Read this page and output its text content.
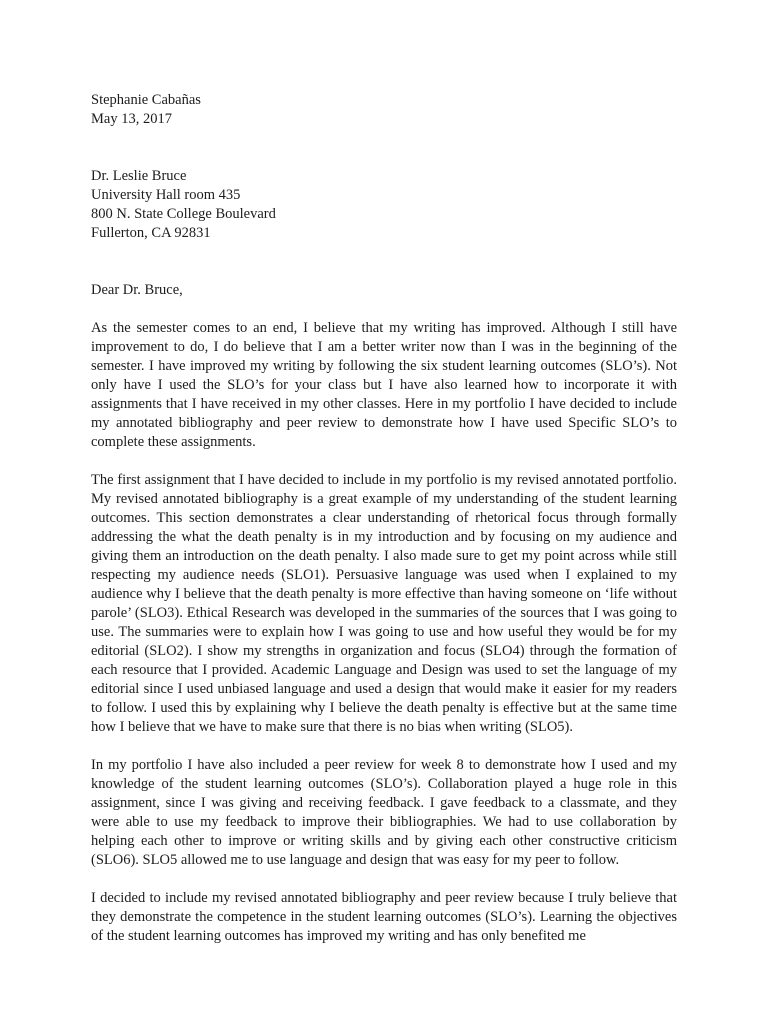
Stephanie Cabañas
May 13, 2017
Dr. Leslie Bruce
University Hall room 435
800 N. State College Boulevard
Fullerton, CA 92831

Dear Dr. Bruce,

As the semester comes to an end, I believe that my writing has improved. Although I still have improvement to do, I do believe that I am a better writer now than I was in the beginning of the semester. I have improved my writing by following the six student learning outcomes (SLO’s). Not only have I used the SLO’s for your class but I have also learned how to incorporate it with assignments that I have received in my other classes. Here in my portfolio I have decided to include my annotated bibliography and peer review to demonstrate how I have used Specific SLO’s to complete these assignments.

The first assignment that I have decided to include in my portfolio is my revised annotated portfolio. My revised annotated bibliography is a great example of my understanding of the student learning outcomes. This section demonstrates a clear understanding of rhetorical focus through formally addressing the what the death penalty is in my introduction and by focusing on my audience and giving them an introduction on the death penalty. I also made sure to get my point across while still respecting my audience needs (SLO1). Persuasive language was used when I explained to my audience why I believe that the death penalty is more effective than having someone on ‘life without parole’ (SLO3). Ethical Research was developed in the summaries of the sources that I was going to use. The summaries were to explain how I was going to use and how useful they would be for my editorial (SLO2). I show my strengths in organization and focus (SLO4) through the formation of each resource that I provided. Academic Language and Design was used to set the language of my editorial since I used unbiased language and used a design that would make it easier for my readers to follow. I used this by explaining why I believe the death penalty is effective but at the same time how I believe that we have to make sure that there is no bias when writing (SLO5).

In my portfolio I have also included a peer review for week 8 to demonstrate how I used and my knowledge of the student learning outcomes (SLO’s). Collaboration played a huge role in this assignment, since I was giving and receiving feedback. I gave feedback to a classmate, and they were able to use my feedback to improve their bibliographies. We had to use collaboration by helping each other to improve or writing skills and by giving each other constructive criticism (SLO6). SLO5 allowed me to use language and design that was easy for my peer to follow.

I decided to include my revised annotated bibliography and peer review because I truly believe that they demonstrate the competence in the student learning outcomes (SLO’s). Learning the objectives of the student learning outcomes has improved my writing and has only benefited me
